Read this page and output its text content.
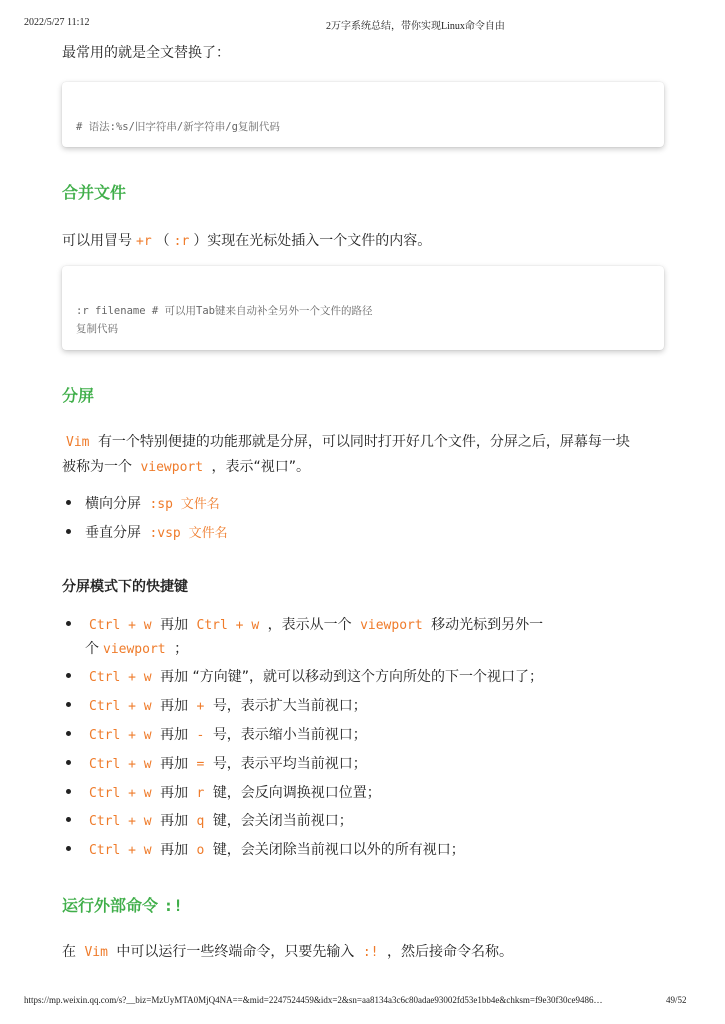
2022/5/27 11:12	2万字系统总结，带你实现Linux命令自由
最常用的就是全文替换了：
# 语法:%s/旧字符串/新字符串/g复制代码
合并文件
可以用冒号 +r （ :r ）实现在光标处插入一个文件的内容。
:r filename # 可以用Tab键来自动补全另外一个文件的路径
复制代码
分屏
Vim 有一个特别便捷的功能那就是分屏，可以同时打开好几个文件，分屏之后，屏幕每一块
被称为一个 viewport ，表示“视口”。
横向分屏 :sp 文件名
垂直分屏 :vsp 文件名
分屏模式下的快捷键
Ctrl + w 再加 Ctrl + w ，表示从一个 viewport 移动光标到另外一
个 viewport ；
Ctrl + w 再加 “方向键”，就可以移动到这个方向所处的下一个视口了；
Ctrl + w 再加 + 号，表示扩大当前视口；
Ctrl + w 再加 - 号，表示缩小当前视口；
Ctrl + w 再加 = 号，表示平均当前视口；
Ctrl + w 再加 r 键，会反向调换视口位置；
Ctrl + w 再加 q 键，会关闭当前视口；
Ctrl + w 再加 o 键，会关闭除当前视口以外的所有视口；
运行外部命令 :!
在 Vim 中可以运行一些终端命令，只要先输入 :! ，然后接命令名称。
https://mp.weixin.qq.com/s?__biz=MzUyMTA0MjQ4NA==&mid=2247524459&idx=2&sn=aa8134a3c6c80adae93002fd53e1bb4e&chksm=f9e30f30ce9486…	49/52
